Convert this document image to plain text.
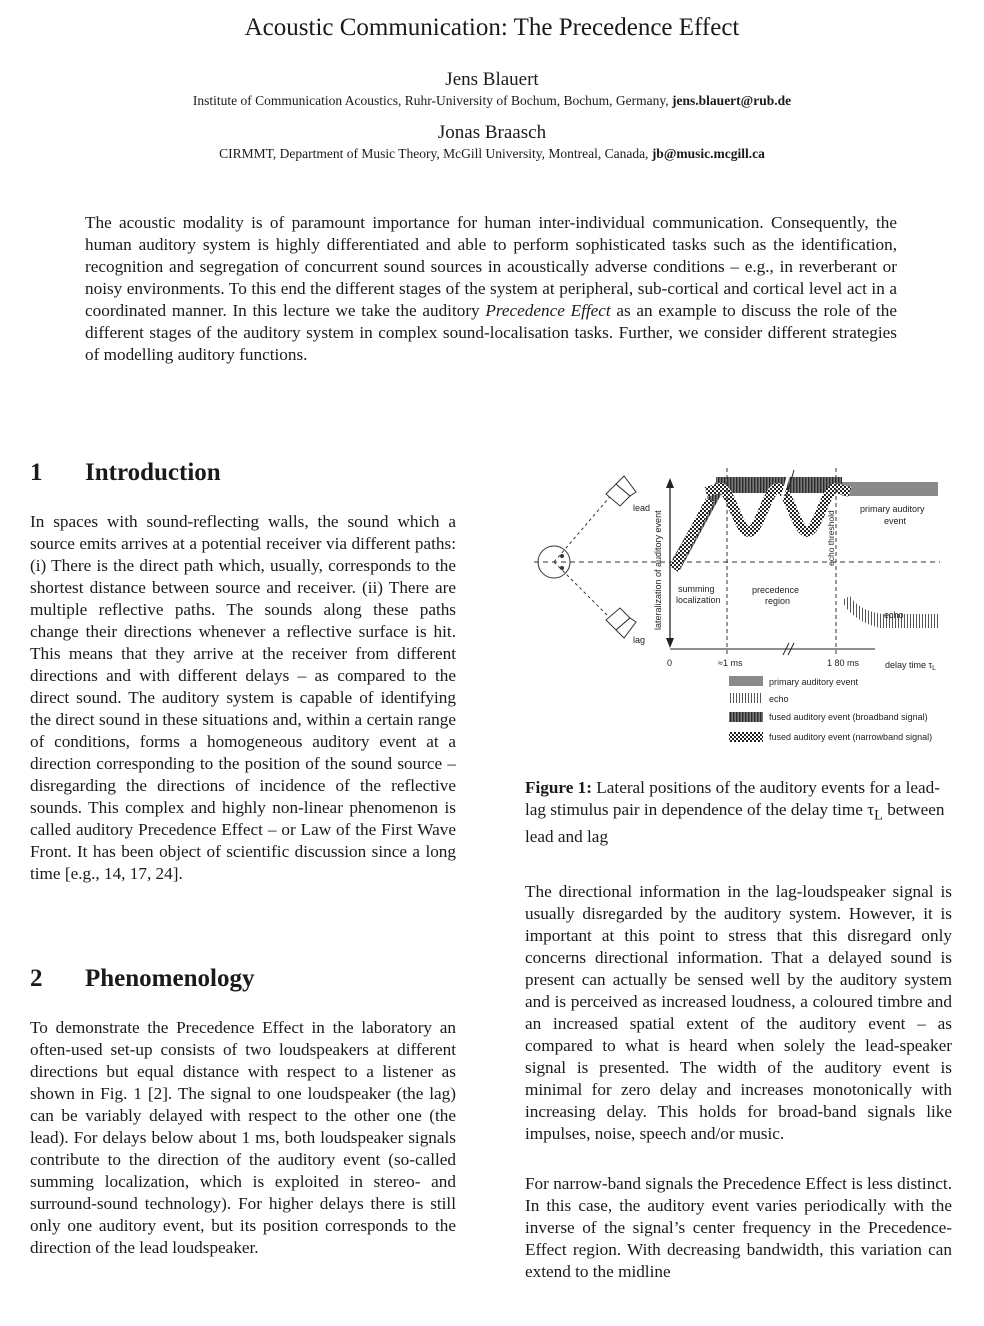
Acoustic Communication: The Precedence Effect
Jens Blauert
Institute of Communication Acoustics, Ruhr-University of Bochum, Bochum, Germany, jens.blauert@rub.de
Jonas Braasch
CIRMMT, Department of Music Theory, McGill University, Montreal, Canada, jb@music.mcgill.ca

The acoustic modality is of paramount importance for human inter-individual communication. Consequently, the human auditory system is highly differentiated and able to perform sophisticated tasks such as the identification, recognition and segregation of concurrent sound sources in acoustically adverse conditions – e.g., in reverberant or noisy environments. To this end the different stages of the system at peripheral, sub-cortical and cortical level act in a coordinated manner. In this lecture we take the auditory Precedence Effect as an example to discuss the role of the different stages of the auditory system in complex sound-localisation tasks. Further, we consider different strategies of modelling auditory functions.

1 Introduction

In spaces with sound-reflecting walls, the sound which a source emits arrives at a potential receiver via different paths: (i) There is the direct path which, usually, corresponds to the shortest distance between source and receiver. (ii) There are multiple reflective paths. The sounds along these paths change their directions whenever a reflective surface is hit. This means that they arrive at the receiver from different directions and with different delays – as compared to the direct sound. The auditory system is capable of identifying the direct sound in these situations and, within a certain range of conditions, forms a homogeneous auditory event at a direction corresponding to the position of the sound source – disregarding the directions of incidence of the reflective sounds. This complex and highly non-linear phenomenon is called auditory Precedence Effect – or Law of the First Wave Front. It has been object of scientific discussion since a long time [e.g., 14, 17, 24].

2 Phenomenology

To demonstrate the Precedence Effect in the laboratory an often-used set-up consists of two loudspeakers at different directions but equal distance with respect to a listener as shown in Fig. 1 [2]. The signal to one loudspeaker (the lag) can be variably delayed with respect to the other one (the lead). For delays below about 1 ms, both loudspeaker signals contribute to the direction of the auditory event (so-called summing localization, which is exploited in stereo- and surround-sound technology). For higher delays there is still only one auditory event, but its position corresponds to the direction of the lead loudspeaker.

lead
lag
lateralization of auditory event	echo threshold
0	≈1 ms	1 80 ms	delay time $\tau_L$
summing
localization
precedence
region
primary auditory
event
echo
primary auditory event
echo
fused auditory event (broadband signal)
fused auditory event (narrowband signal)

Figure 1: Lateral positions of the auditory events for a lead-lag stimulus pair in dependence of the delay time $\tau_L$ between lead and lag

The directional information in the lag-loudspeaker signal is usually disregarded by the auditory system. However, it is important at this point to stress that this disregard only concerns directional information. That a delayed sound is present can actually be sensed well by the auditory system and is perceived as increased loudness, a coloured timbre and an increased spatial extent of the auditory event – as compared to what is heard when solely the lead-speaker signal is presented. The width of the auditory event is minimal for zero delay and increases monotonically with increasing delay. This holds for broad-band signals like impulses, noise, speech and/or music.

For narrow-band signals the Precedence Effect is less distinct. In this case, the auditory event varies periodically with the inverse of the signal’s center frequency in the Precedence-Effect region. With decreasing bandwidth, this variation can extend to the midline
